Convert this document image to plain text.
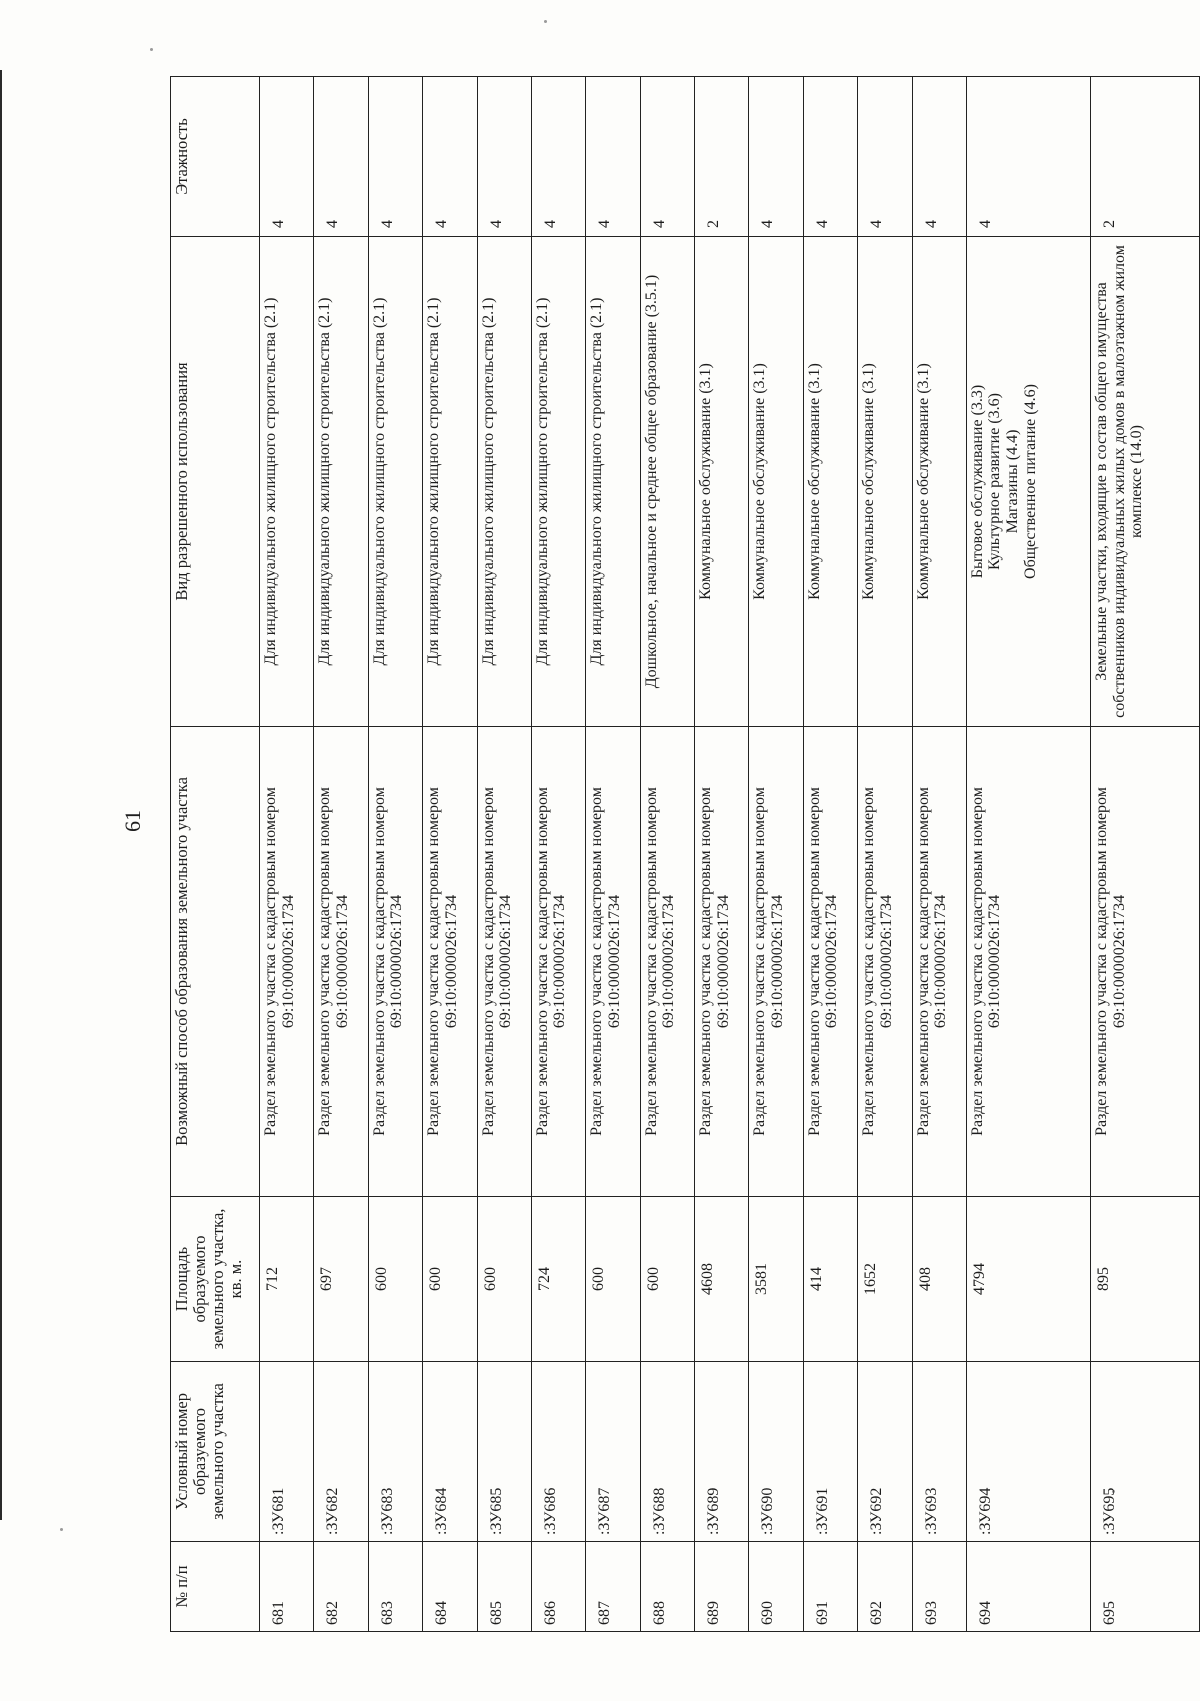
61
№ п/п	Условный номер образуемого земельного участка	Площадь образуемого земельного участка, кв. м.	Возможный способ образования земельного участка	Вид разрешенного использования	Этажность
681	:ЗУ681	712	Раздел земельного участка с кадастровым номером 69:10:0000026:1734	Для индивидуального жилищного строительства (2.1)	4
682	:ЗУ682	697	Раздел земельного участка с кадастровым номером 69:10:0000026:1734	Для индивидуального жилищного строительства (2.1)	4
683	:ЗУ683	600	Раздел земельного участка с кадастровым номером 69:10:0000026:1734	Для индивидуального жилищного строительства (2.1)	4
684	:ЗУ684	600	Раздел земельного участка с кадастровым номером 69:10:0000026:1734	Для индивидуального жилищного строительства (2.1)	4
685	:ЗУ685	600	Раздел земельного участка с кадастровым номером 69:10:0000026:1734	Для индивидуального жилищного строительства (2.1)	4
686	:ЗУ686	724	Раздел земельного участка с кадастровым номером 69:10:0000026:1734	Для индивидуального жилищного строительства (2.1)	4
687	:ЗУ687	600	Раздел земельного участка с кадастровым номером 69:10:0000026:1734	Для индивидуального жилищного строительства (2.1)	4
688	:ЗУ688	600	Раздел земельного участка с кадастровым номером 69:10:0000026:1734	Дошкольное, начальное и среднее общее образование (3.5.1)	4
689	:ЗУ689	4608	Раздел земельного участка с кадастровым номером 69:10:0000026:1734	Коммунальное обслуживание (3.1)	2
690	:ЗУ690	3581	Раздел земельного участка с кадастровым номером 69:10:0000026:1734	Коммунальное обслуживание (3.1)	4
691	:ЗУ691	414	Раздел земельного участка с кадастровым номером 69:10:0000026:1734	Коммунальное обслуживание (3.1)	4
692	:ЗУ692	1652	Раздел земельного участка с кадастровым номером 69:10:0000026:1734	Коммунальное обслуживание (3.1)	4
693	:ЗУ693	408	Раздел земельного участка с кадастровым номером 69:10:0000026:1734	Коммунальное обслуживание (3.1)	4
694	:ЗУ694	4794	Раздел земельного участка с кадастровым номером 69:10:0000026:1734	Бытовое обслуживание (3.3) Культурное развитие (3.6) Магазины (4.4) Общественное питание (4.6)	4
695	:ЗУ695	895	Раздел земельного участка с кадастровым номером 69:10:0000026:1734	Земельные участки, входящие в состав общего имущества собственников индивидуальных жилых домов в малоэтажном жилом комплексе (14.0)	2
